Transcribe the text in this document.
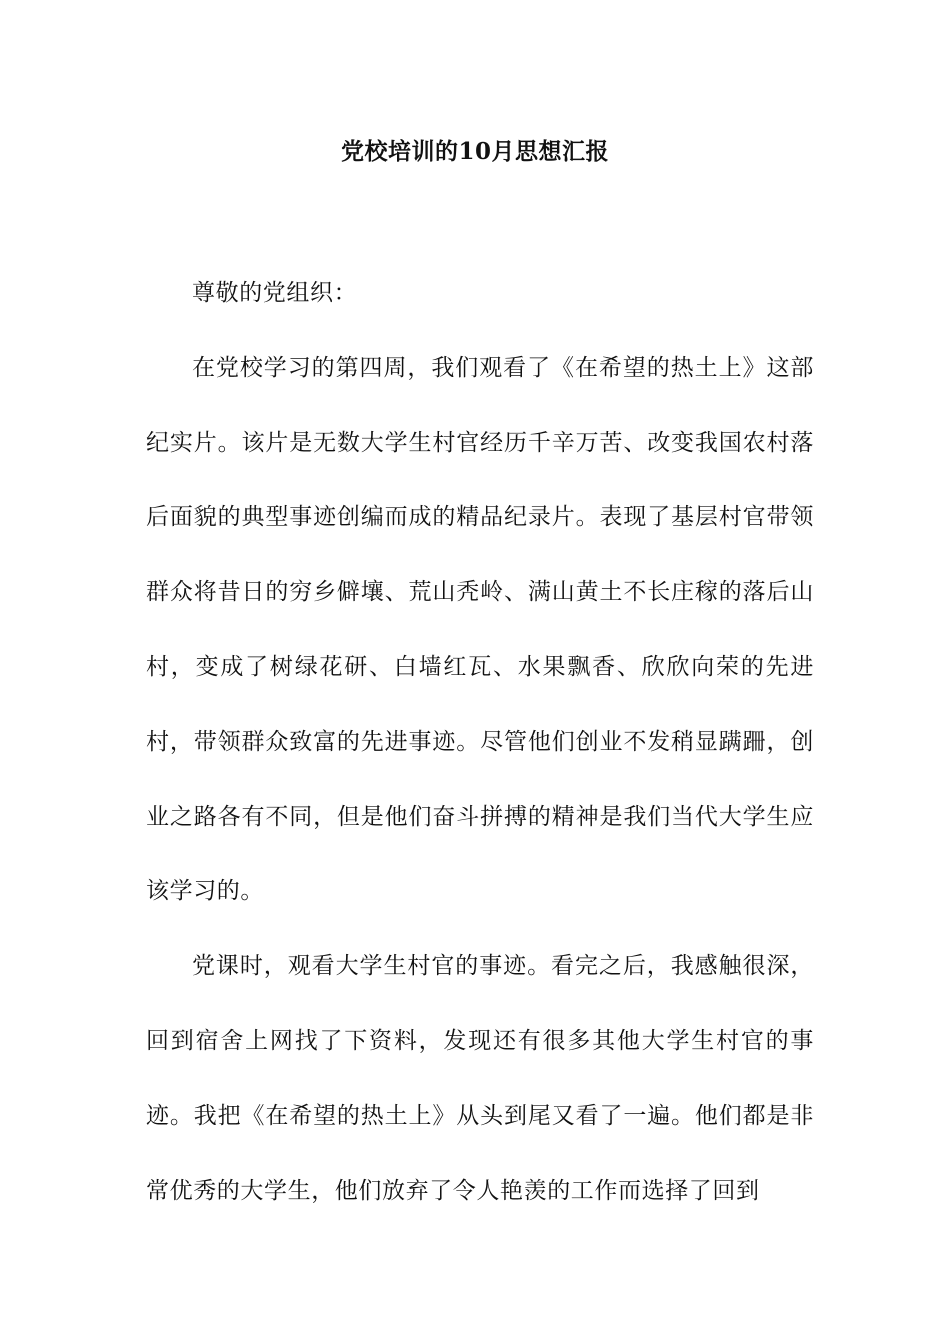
党校培训的10月思想汇报

尊敬的党组织：

在党校学习的第四周，我们观看了《在希望的热土上》这部纪实片。该片是无数大学生村官经历千辛万苦、改变我国农村落后面貌的典型事迹创编而成的精品纪录片。表现了基层村官带领群众将昔日的穷乡僻壤、荒山秃岭、满山黄土不长庄稼的落后山村，变成了树绿花研、白墙红瓦、水果飘香、欣欣向荣的先进村，带领群众致富的先进事迹。尽管他们创业不发稍显蹒跚，创业之路各有不同，但是他们奋斗拼搏的精神是我们当代大学生应该学习的。

党课时，观看大学生村官的事迹。看完之后，我感触很深，回到宿舍上网找了下资料，发现还有很多其他大学生村官的事迹。我把《在希望的热土上》从头到尾又看了一遍。他们都是非常优秀的大学生，他们放弃了令人艳羡的工作而选择了回到
